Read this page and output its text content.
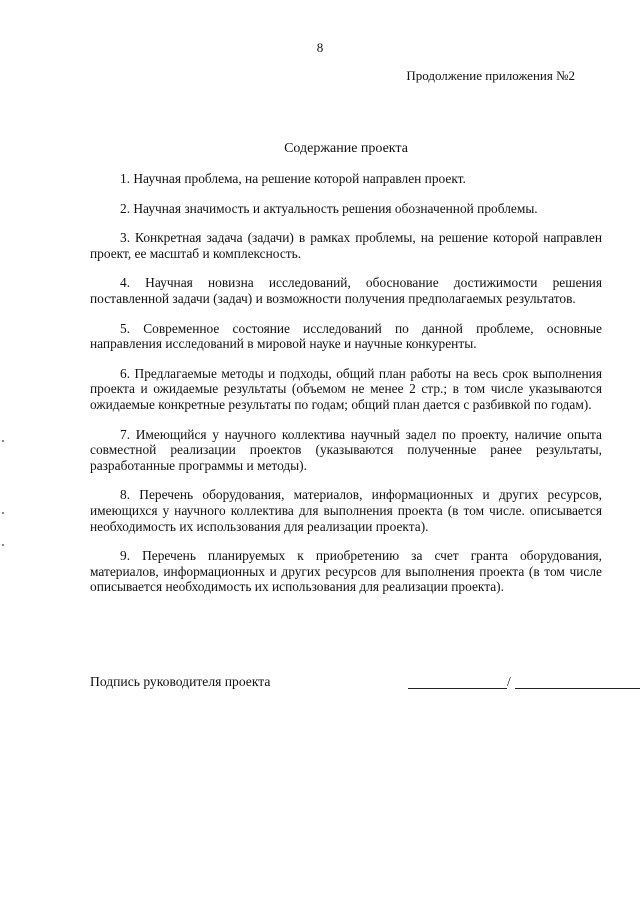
8
Продолжение приложения №2
Содержание проекта

1. Научная проблема, на решение которой направлен проект.

2. Научная значимость и актуальность решения обозначенной проблемы.

3. Конкретная задача (задачи) в рамках проблемы, на решение которой направлен проект, ее масштаб и комплексность.

4. Научная новизна исследований, обоснование достижимости решения поставленной задачи (задач) и возможности получения предполагаемых результатов.

5. Современное состояние исследований по данной проблеме, основные направления исследований в мировой науке и научные конкуренты.

6. Предлагаемые методы и подходы, общий план работы на весь срок выполнения проекта и ожидаемые результаты (объемом не менее 2 стр.; в том числе указываются ожидаемые конкретные результаты по годам; общий план дается с разбивкой по годам).

7. Имеющийся у научного коллектива научный задел по проекту, наличие опыта совместной реализации проектов (указываются полученные ранее результаты, разработанные программы и методы).

8. Перечень оборудования, материалов, информационных и других ресурсов, имеющихся у научного коллектива для выполнения проекта (в том числе. описывается необходимость их использования для реализации проекта).

9. Перечень планируемых к приобретению за счет гранта оборудования, материалов, информационных и других ресурсов для выполнения проекта (в том числе описывается необходимость их использования для реализации проекта).

Подпись руководителя проекта	/
